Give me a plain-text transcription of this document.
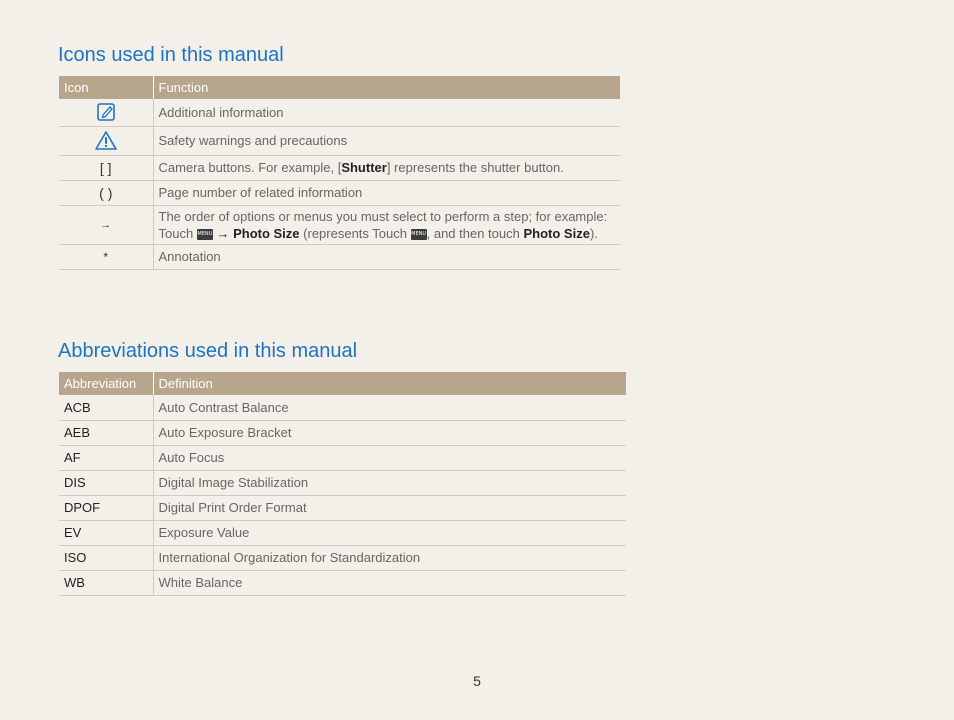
Icons used in this manual
Icon	Function
	Additional information
	Safety warnings and precautions
[ ]	Camera buttons. For example, [Shutter] represents the shutter button.
( )	Page number of related information
→	The order of options or menus you must select to perform a step; for example:
Touch MENU → Photo Size (represents Touch MENU, and then touch Photo Size).

*	Annotation
Abbreviations used in this manual
Abbreviation	Definition
ACB	Auto Contrast Balance
AEB	Auto Exposure Bracket
AF	Auto Focus
DIS	Digital Image Stabilization
DPOF	Digital Print Order Format
EV	Exposure Value
ISO	International Organization for Standardization
WB	White Balance
5
